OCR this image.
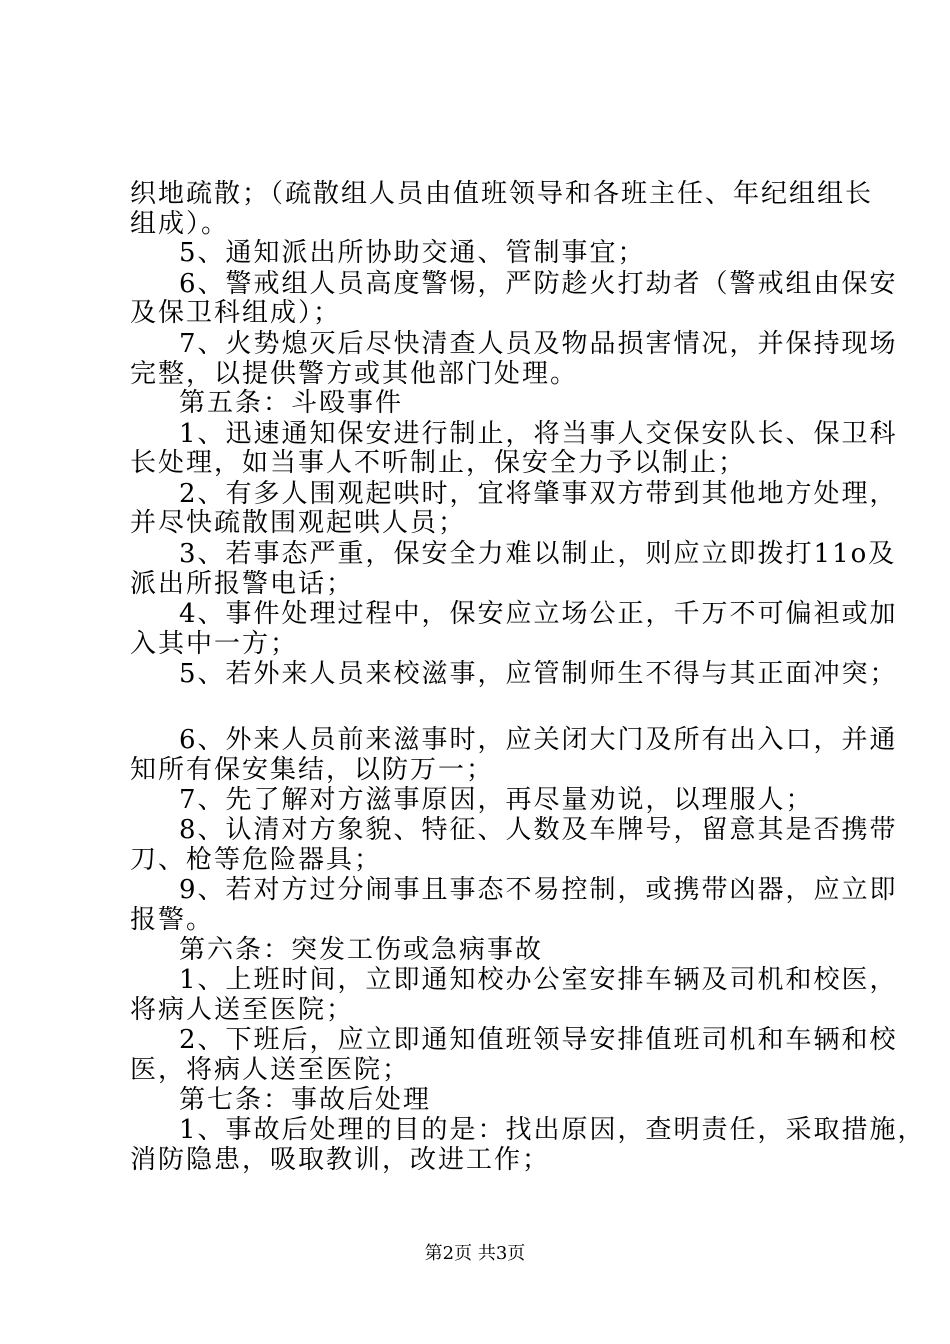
织地疏散；（疏散组人员由值班领导和各班主任、年纪组组长
组成）。
5、通知派出所协助交通、管制事宜；
6、警戒组人员高度警惕，严防趁火打劫者（警戒组由保安
及保卫科组成）；
7、火势熄灭后尽快清查人员及物品损害情况，并保持现场
完整，以提供警方或其他部门处理。
第五条：斗殴事件
1、迅速通知保安进行制止，将当事人交保安队长、保卫科
长处理，如当事人不听制止，保安全力予以制止；
2、有多人围观起哄时，宜将肇事双方带到其他地方处理，
并尽快疏散围观起哄人员；
3、若事态严重，保安全力难以制止，则应立即拨打11o及
派出所报警电话；
4、事件处理过程中，保安应立场公正，千万不可偏袒或加
入其中一方；
5、若外来人员来校滋事，应管制师生不得与其正面冲突；
6、外来人员前来滋事时，应关闭大门及所有出入口，并通
知所有保安集结，以防万一；
7、先了解对方滋事原因，再尽量劝说，以理服人；
8、认清对方象貌、特征、人数及车牌号，留意其是否携带
刀、枪等危险器具；
9、若对方过分闹事且事态不易控制，或携带凶器，应立即
报警。
第六条：突发工伤或急病事故
1、上班时间，立即通知校办公室安排车辆及司机和校医，
将病人送至医院；
2、下班后，应立即通知值班领导安排值班司机和车辆和校
医，将病人送至医院；
第七条：事故后处理
1、事故后处理的目的是：找出原因，查明责任，采取措施，
消防隐患，吸取教训，改进工作；
第2页 共3页
